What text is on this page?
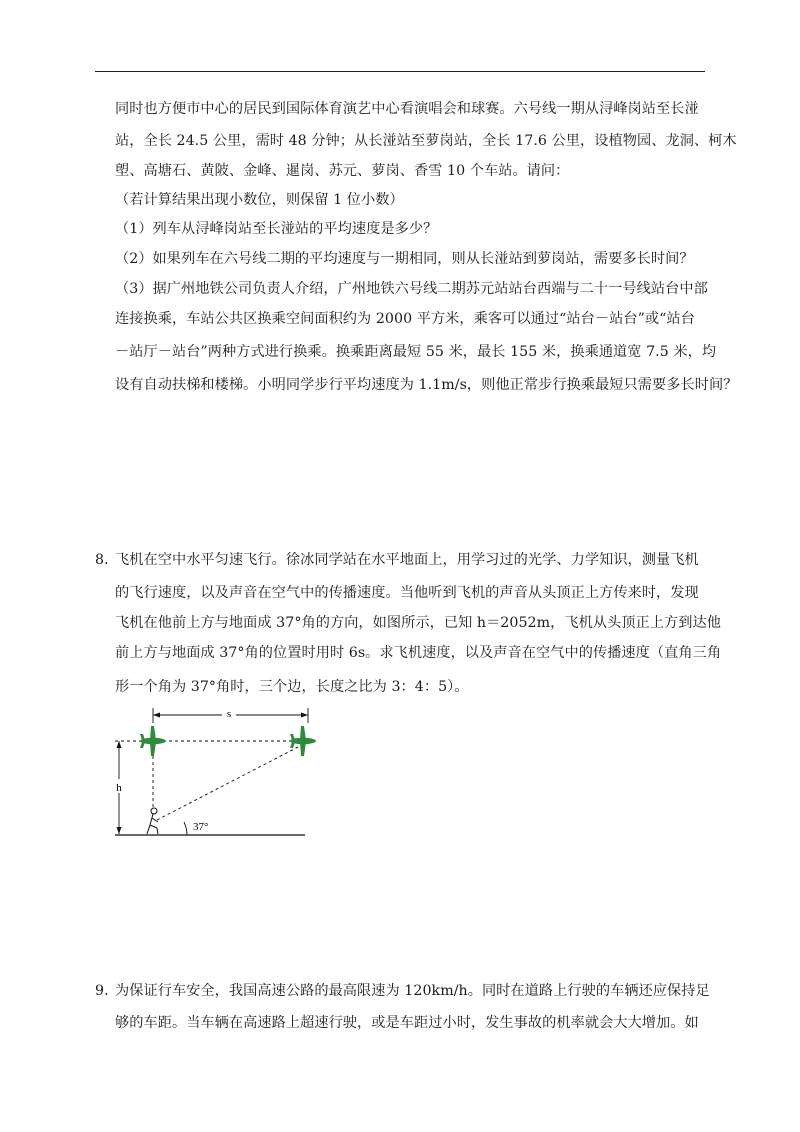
同时也方便市中心的居民到国际体育演艺中心看演唱会和球赛。六号线一期从浔峰岗站至长湴
站，全长 24.5 公里，需时 48 分钟；从长湴站至萝岗站，全长 17.6 公里，设植物园、龙洞、柯木
塱、高塘石、黄陂、金峰、暹岗、苏元、萝岗、香雪 10 个车站。请问：
（若计算结果出现小数位，则保留 1 位小数）
（1）列车从浔峰岗站至长湴站的平均速度是多少？
（2）如果列车在六号线二期的平均速度与一期相同，则从长湴站到萝岗站，需要多长时间？
（3）据广州地铁公司负责人介绍，广州地铁六号线二期苏元站站台西端与二十一号线站台中部
连接换乘，车站公共区换乘空间面积约为 2000 平方米，乘客可以通过“站台－站台”或“站台
－站厅－站台”两种方式进行换乘。换乘距离最短 55 米，最长 155 米，换乘通道宽 7.5 米，均
设有自动扶梯和楼梯。小明同学步行平均速度为 1.1m/s，则他正常步行换乘最短只需要多长时间？
8．
飞机在空中水平匀速飞行。徐冰同学站在水平地面上，用学习过的光学、力学知识，测量飞机
的飞行速度，以及声音在空气中的传播速度。当他听到飞机的声音从头顶正上方传来时，发现
飞机在他前上方与地面成 37°角的方向，如图所示，已知 h＝2052m，飞机从头顶正上方到达他
前上方与地面成 37°角的位置时用时 6s。求飞机速度，以及声音在空气中的传播速度（直角三角
形一个角为 37°角时，三个边，长度之比为 3：4：5）。
s
h
37°
9．
为保证行车安全，我国高速公路的最高限速为 120km/h。同时在道路上行驶的车辆还应保持足
够的车距。当车辆在高速路上超速行驶，或是车距过小时，发生事故的机率就会大大增加。如
